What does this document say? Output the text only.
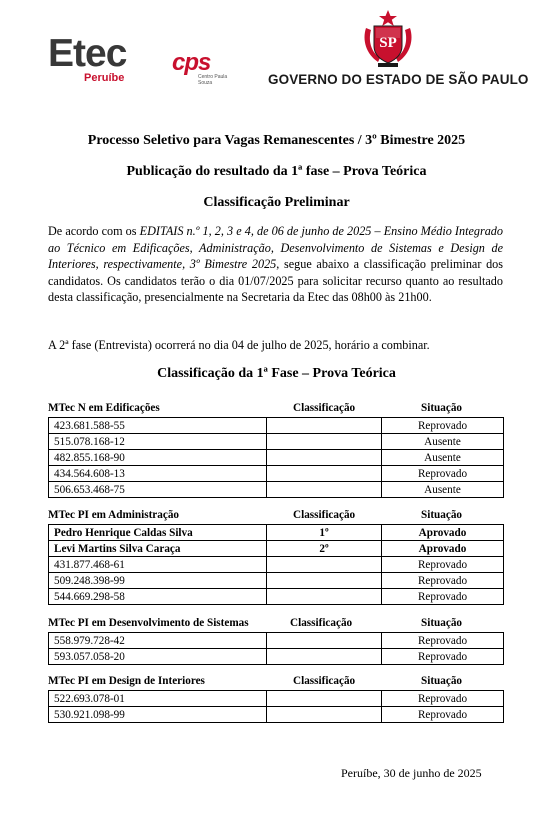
Etec
Peruíbe
cps
Centro Paula Souza
SP
GOVERNO DO ESTADO DE SÃO PAULO
Processo Seletivo para Vagas Remanescentes / 3º Bimestre 2025
Publicação do resultado da 1ª fase – Prova Teórica
Classificação Preliminar
De acordo com os EDITAIS n.º 1, 2, 3 e 4, de 06 de junho de 2025 – Ensino Médio Integrado ao Técnico em Edificações, Administração, Desenvolvimento de Sistemas e Design de Interiores, respectivamente, 3º Bimestre 2025, segue abaixo a classificação preliminar dos candidatos. Os candidatos terão o dia 01/07/2025 para solicitar recurso quanto ao resultado desta classificação, presencialmente na Secretaria da Etec das 08h00 às 21h00.
A 2ª fase (Entrevista) ocorrerá no dia 04 de julho de 2025, horário a combinar.
Classificação da 1ª Fase – Prova Teórica
MTec N em Edificações	Classificação	Situação
423.681.588-55		Reprovado
515.078.168-12		Ausente
482.855.168-90		Ausente
434.564.608-13		Reprovado
506.653.468-75		Ausente
MTec PI em Administração	Classificação	Situação
Pedro Henrique Caldas Silva	1º	Aprovado
Levi Martins Silva Caraça	2º	Aprovado
431.877.468-61		Reprovado
509.248.398-99		Reprovado
544.669.298-58		Reprovado
MTec PI em Desenvolvimento de Sistemas	Classificação	Situação
558.979.728-42		Reprovado
593.057.058-20		Reprovado
MTec PI em Design de Interiores	Classificação	Situação
522.693.078-01		Reprovado
530.921.098-99		Reprovado
Peruíbe, 30 de junho de 2025
